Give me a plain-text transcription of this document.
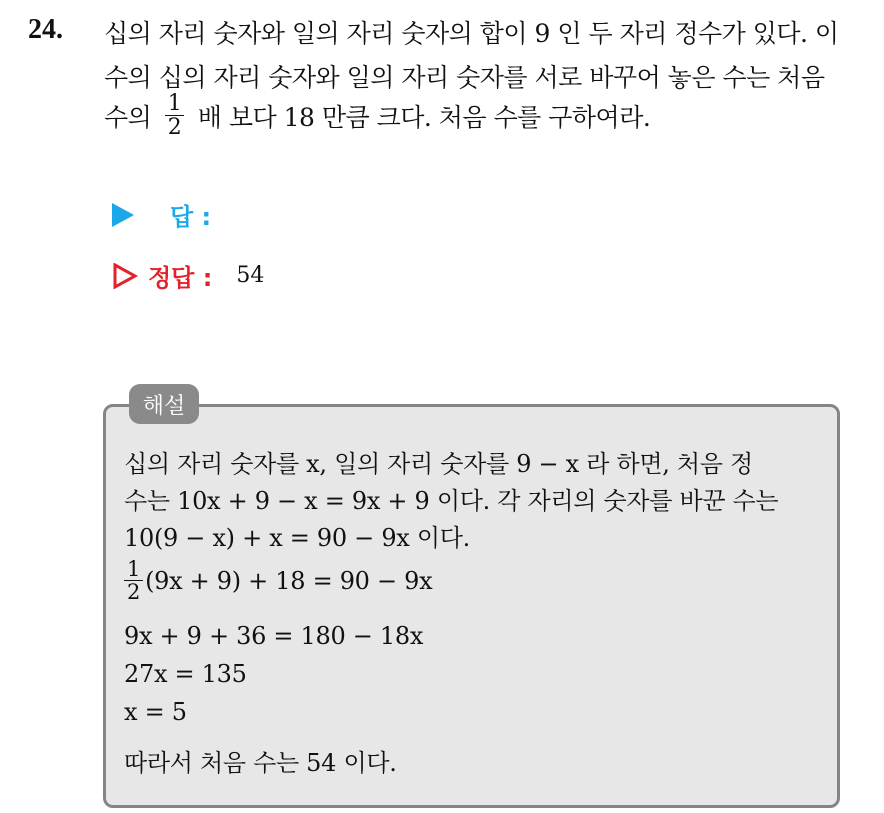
24. 십의 자리 숫자와 일의 자리 숫자의 합이 9 인 두 자리 정수가 있다. 이
수의 십의 자리 숫자와 일의 자리 숫자를 서로 바꾸어 놓은 수는 처음
수의 $\frac{1}{2}$ 배 보다 18 만큼 크다. 처음 수를 구하여라.
답 :
정답 : 54
해설
십의 자리 숫자를 x, 일의 자리 숫자를 9 − x 라 하면, 처음 정
수는 10x + 9 − x = 9x + 9 이다. 각 자리의 숫자를 바꾼 수는
10(9 − x) + x = 90 − 9x 이다.
$\frac{1}{2} (9x + 9) + 18 = 90 - 9x$
9x + 9 + 36 = 180 − 18x
27x = 135
x = 5
따라서 처음 수는 54 이다.
